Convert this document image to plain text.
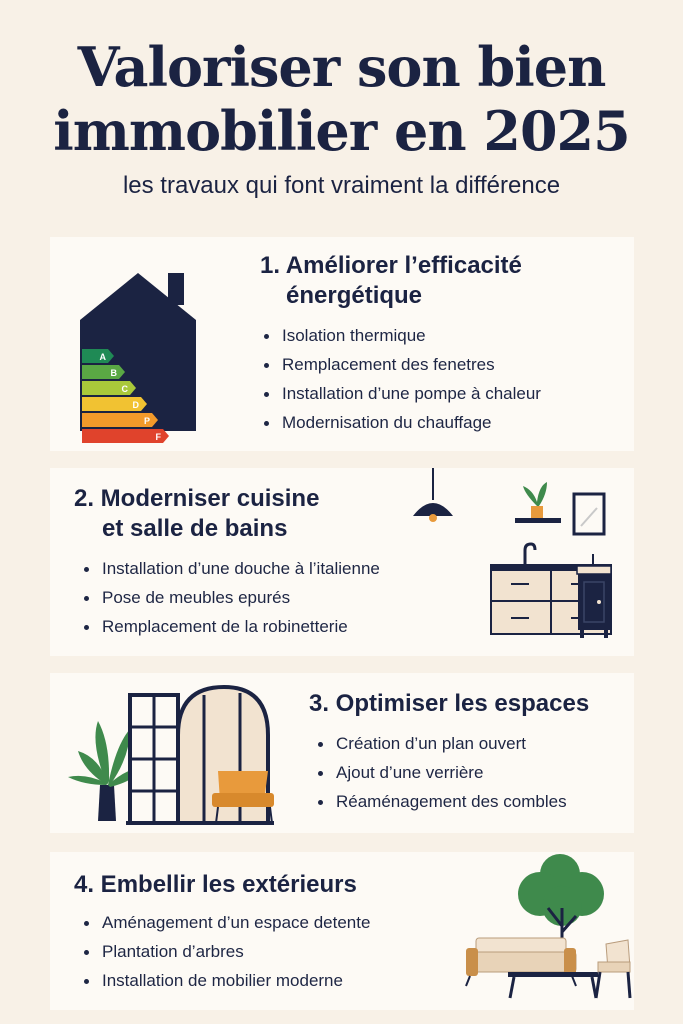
Valoriser son bien
immobilier en 2025
les travaux qui font vraiment la différence
A
B
C
D
P
F
1. Améliorer l’efficacité
énergétique
Isolation thermique
Remplacement des fenetres
Installation d’une pompe à chaleur
Modernisation du chauffage
2. Moderniser cuisine
et salle de bains
Installation d’une douche à l’italienne
Pose de meubles epurés
Remplacement de la robinetterie
3. Optimiser les espaces
Création d’un plan ouvert
Ajout d’une verrière
Réaménagement des combles
4. Embellir les extérieurs
Aménagement d’un espace detente
Plantation d’arbres
Installation de mobilier moderne
